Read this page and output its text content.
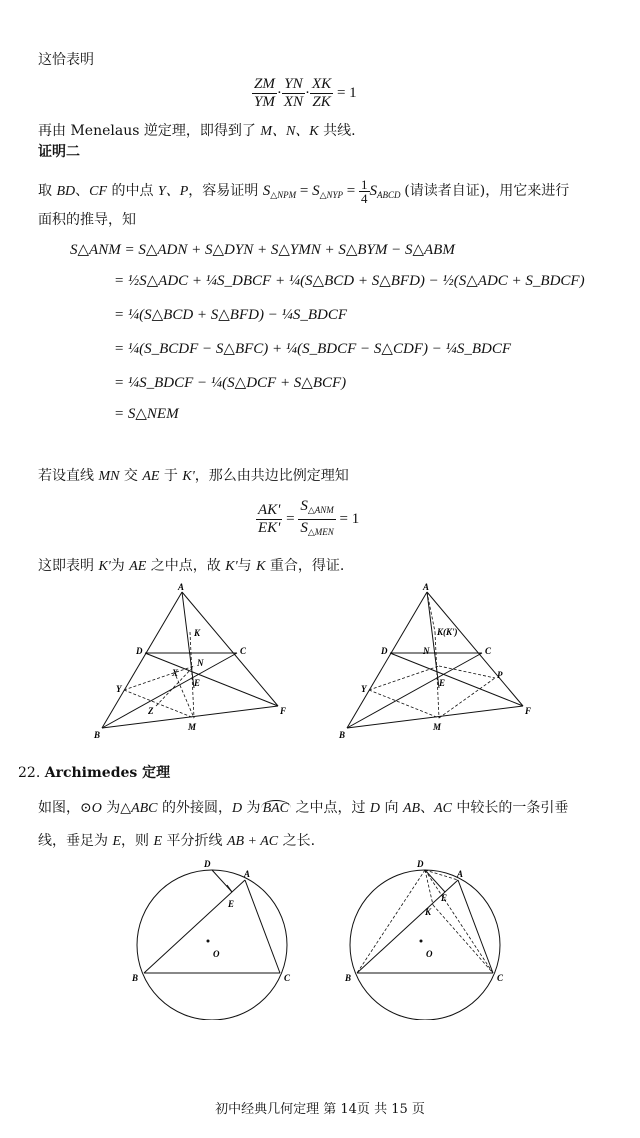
这恰表明
$\frac{ZM}{YM} \cdot \frac{YN}{XN} \cdot \frac{XK}{ZK} = 1$
再由 Menelaus 逆定理，即得到了 M、N、K 共线.
证明二
取 BD、CF 的中点 Y、P，容易证明 $S_{\triangle NPM} = S_{\triangle NYP} = \frac{1}{4} S_{ABCD}$ (请读者自证)，用它来进行
面积的推导，知
S△ANM = S△ADN + S△DYN + S△YMN + S△BYM − S△ABM
= ½S△ADC + ¼S_DBCF + ¼(S△BCD + S△BFD) − ½(S△ADC + S_BDCF)
= ¼(S△BCD + S△BFD) − ¼S_BDCF
= ¼(S_BCDF − S△BFC) + ¼(S_BDCF − S△CDF) − ¼S_BDCF
= ¼S_BDCF − ¼(S△DCF + S△BCF)
= S△NEM
若设直线 MN 交 AE 于 K'，那么由共边比例定理知
$\frac{AK'}{EK'} = \frac{S_{\triangle ANM}}{S_{\triangle MEN}} = 1$
这即表明 K'为 AE 之中点，故 K'与 K 重合，得证.
A
K
D	C
N
X
Y
E
Z	F
B
M
A
K(K')
D	N	C
E
P
Y
F
B
M
22. Archimedes 定理
如图，⊙O 为△ABC 的外接圆，D 为 BAC 之中点，过 D 向 AB、AC 中较长的一条引垂
线，垂足为 E，则 E 平分折线 AB + AC 之长.
D
A
E
O
B	C
D
A
E
K
O
B	C
初中经典几何定理 第 14页 共 15 页
